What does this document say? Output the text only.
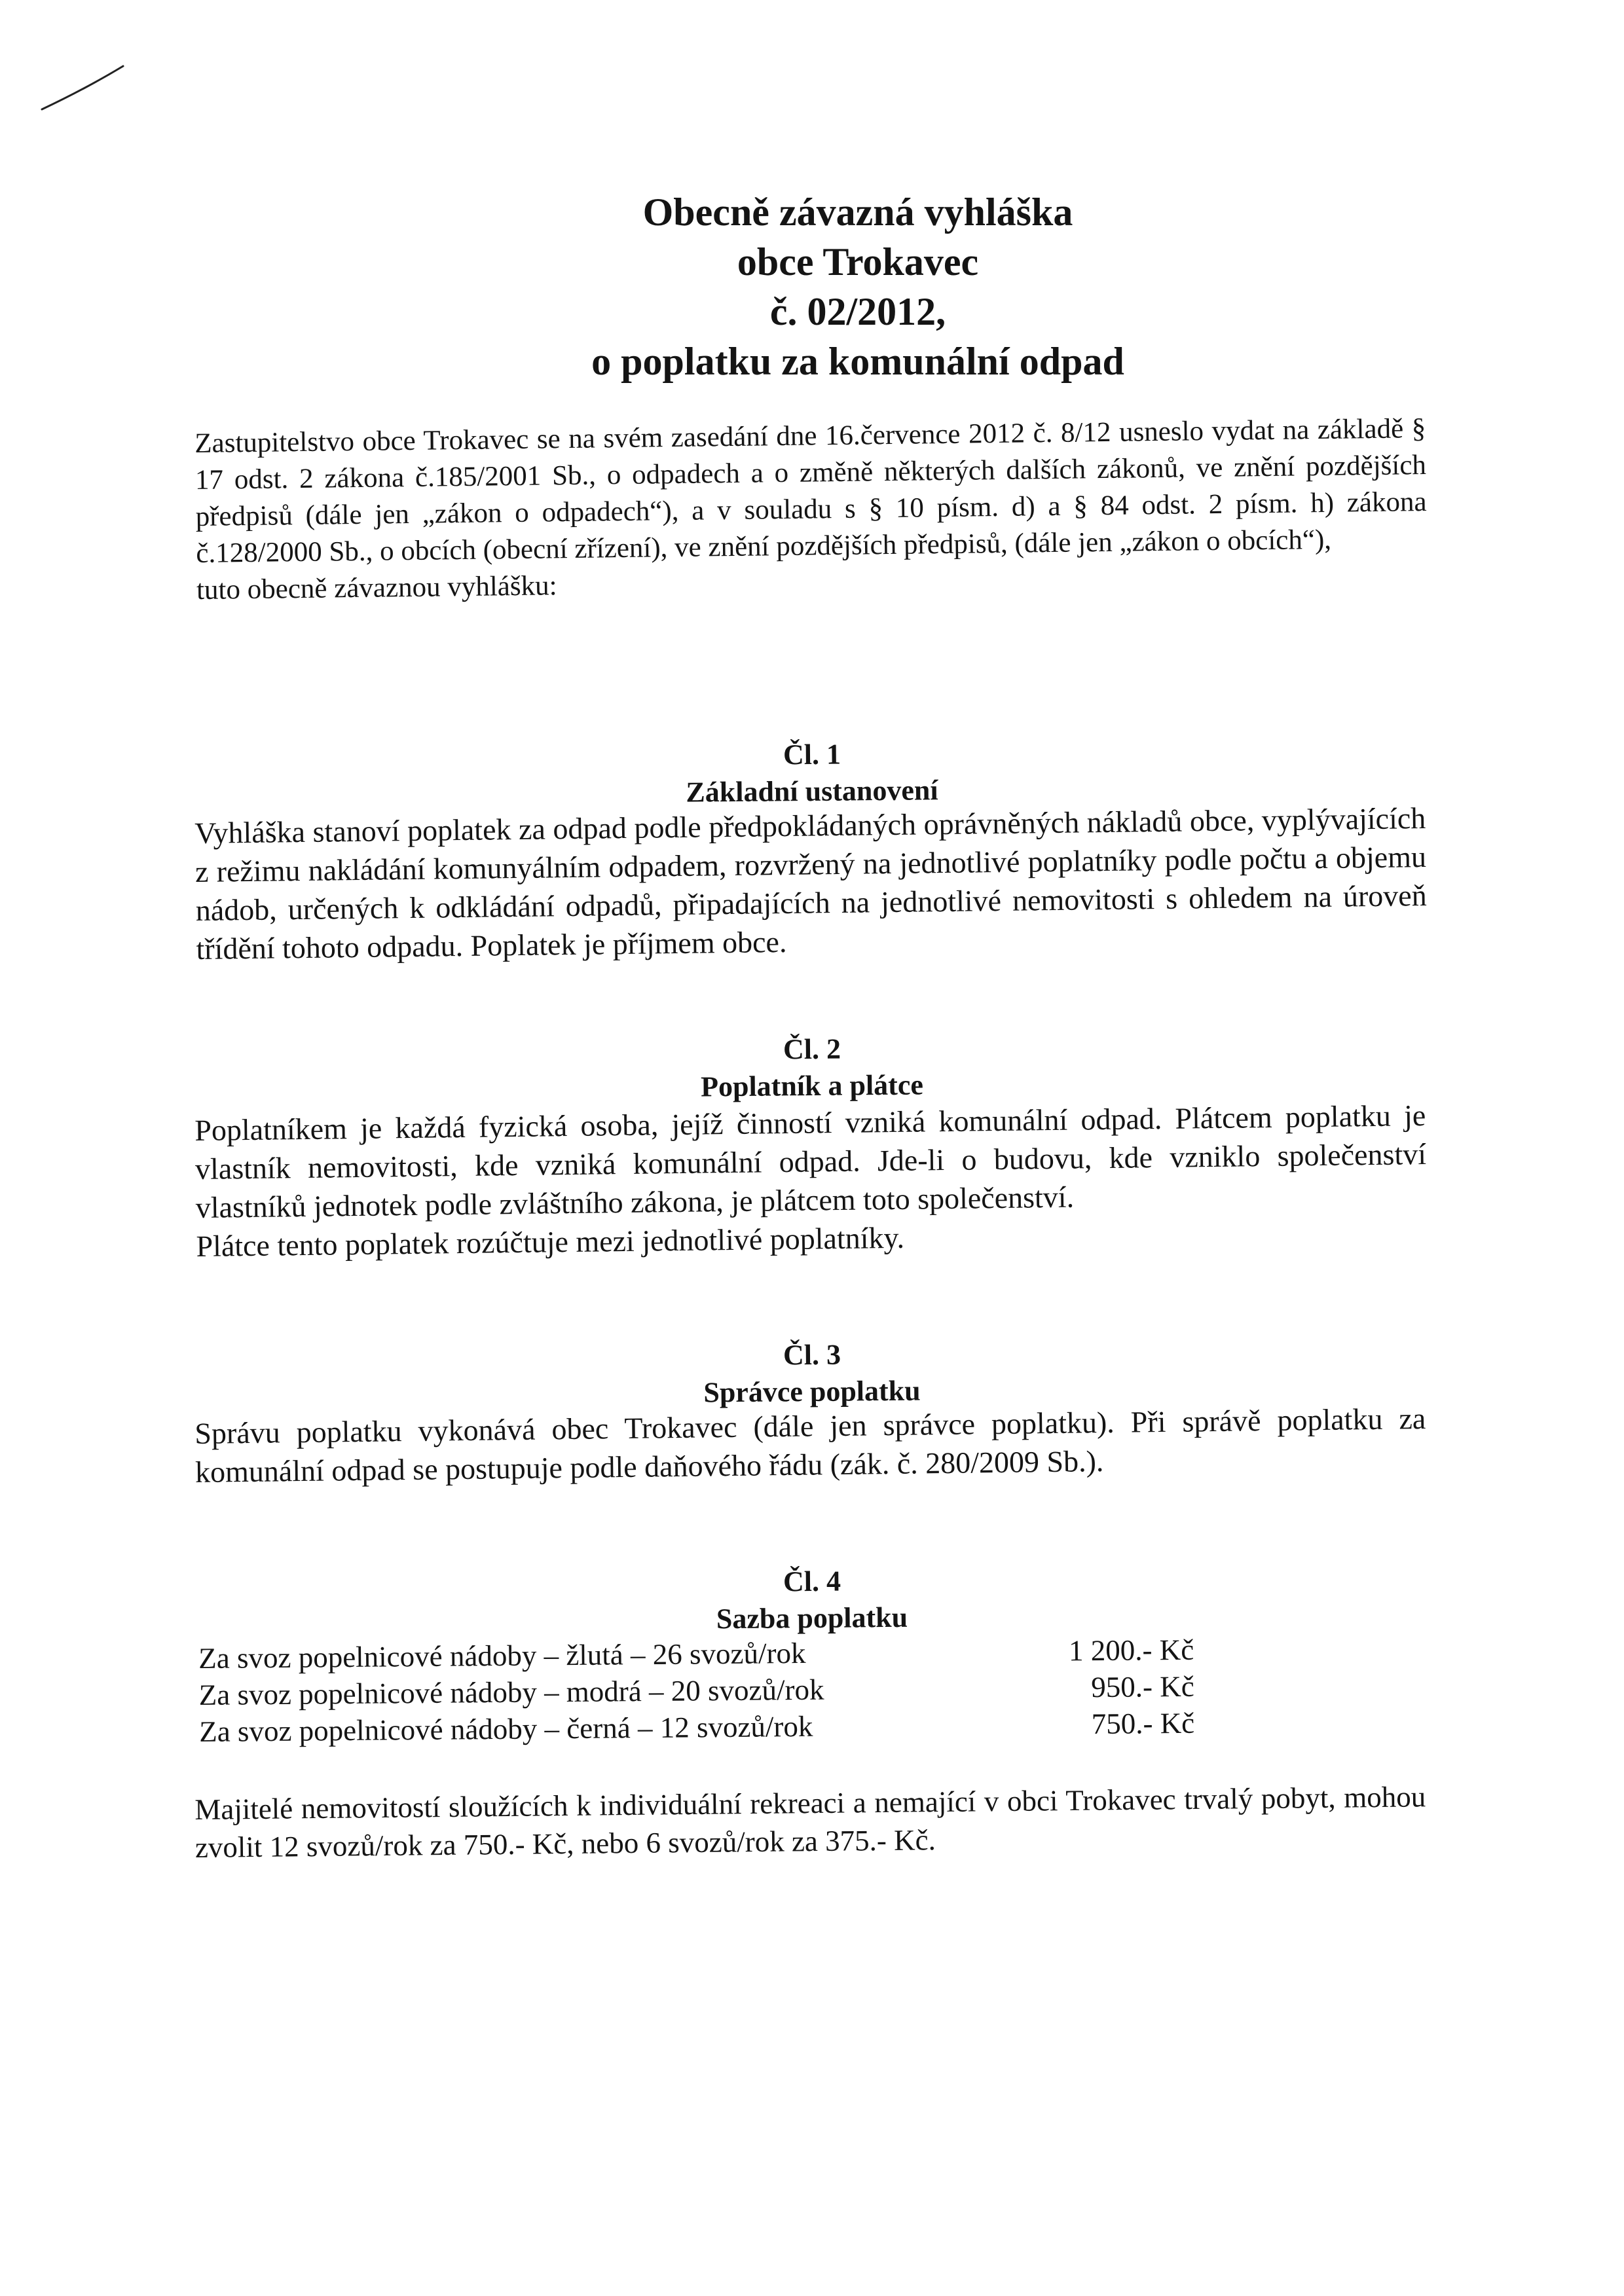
Obecně závazná vyhláška
obce Trokavec
č. 02/2012,
o poplatku za komunální odpad

Zastupitelstvo obce Trokavec se na svém zasedání dne 16.července 2012 č. 8/12 usneslo vydat na základě § 17 odst. 2 zákona č.185/2001 Sb., o odpadech a o změně některých dalších zákonů, ve znění pozdějších předpisů (dále jen „zákon o odpadech“), a v souladu s § 10 písm. d) a § 84 odst. 2 písm. h) zákona č.128/2000 Sb., o obcích (obecní zřízení), ve znění pozdějších předpisů, (dále jen „zákon o obcích“),

tuto obecně závaznou vyhlášku:

Čl. 1
Základní ustanovení

Vyhláška stanoví poplatek za odpad podle předpokládaných oprávněných nákladů obce, vyplývajících z režimu nakládání komunyálním odpadem, rozvržený na jednotlivé poplatníky podle počtu a objemu nádob, určených k odkládání odpadů, připadajících na jednotlivé nemovitosti s ohledem na úroveň třídění tohoto odpadu. Poplatek je příjmem obce.

Čl. 2
Poplatník a plátce

Poplatníkem je každá fyzická osoba, jejíž činností vzniká komunální odpad. Plátcem poplatku je vlastník nemovitosti, kde vzniká komunální odpad. Jde-li o budovu, kde vzniklo společenství vlastníků jednotek podle zvláštního zákona, je plátcem toto společenství.

Plátce tento poplatek rozúčtuje mezi jednotlivé poplatníky.

Čl. 3
Správce poplatku

Správu poplatku vykonává obec Trokavec (dále jen správce poplatku). Při správě poplatku za komunální odpad se postupuje podle daňového řádu (zák. č. 280/2009 Sb.).

Čl. 4
Sazba poplatku
Za svoz popelnicové nádoby – žlutá – 26 svozů/rok	1 200.- Kč
Za svoz popelnicové nádoby – modrá – 20 svozů/rok	950.- Kč
Za svoz popelnicové nádoby – černá – 12 svozů/rok	750.- Kč

Majitelé nemovitostí sloužících k individuální rekreaci a nemající v obci Trokavec trvalý pobyt, mohou zvolit 12 svozů/rok za 750.- Kč, nebo 6 svozů/rok za 375.- Kč.
